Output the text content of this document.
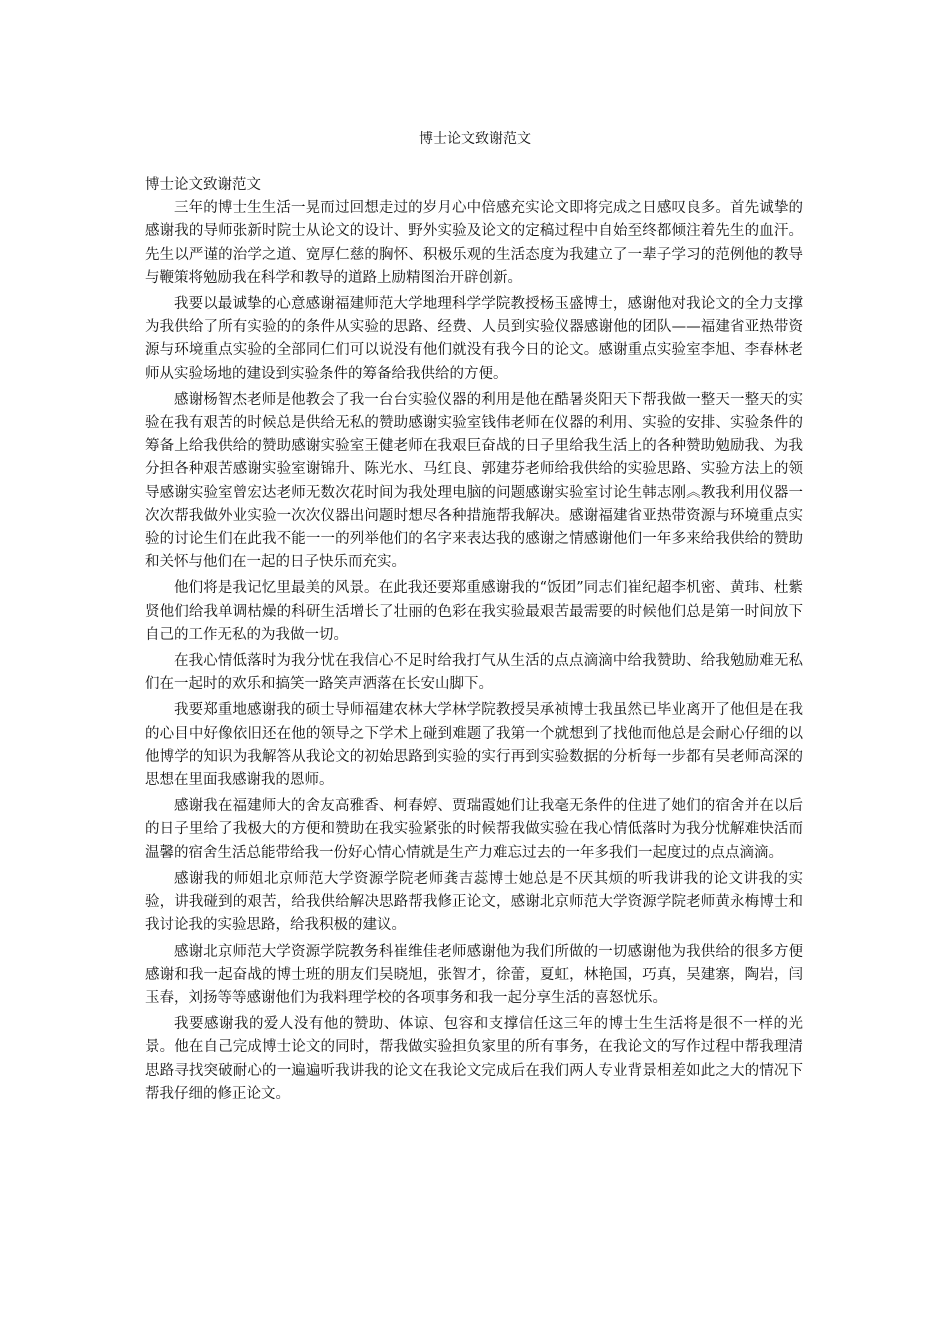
博士论文致谢范文

博士论文致谢范文

三年的博士生生活一晃而过回想走过的岁月心中倍感充实论文即将完成之日感叹良多。首先诚挚的感谢我的导师张新时院士从论文的设计、野外实验及论文的定稿过程中自始至终都倾注着先生的血汗。先生以严谨的治学之道、宽厚仁慈的胸怀、积极乐观的生活态度为我建立了一辈子学习的范例他的教导与鞭策将勉励我在科学和教导的道路上励精图治开辟创新。

我要以最诚挚的心意感谢福建师范大学地理科学学院教授杨玉盛博士，感谢他对我论文的全力支撑为我供给了所有实验的的条件从实验的思路、经费、人员到实验仪器感谢他的团队——福建省亚热带资源与环境重点实验的全部同仁们可以说没有他们就没有我今日的论文。感谢重点实验室李旭、李春林老师从实验场地的建设到实验条件的筹备给我供给的方便。

感谢杨智杰老师是他教会了我一台台实验仪器的利用是他在酷暑炎阳天下帮我做一整天一整天的实验在我有艰苦的时候总是供给无私的赞助感谢实验室钱伟老师在仪器的利用、实验的安排、实验条件的筹备上给我供给的赞助感谢实验室王健老师在我艰巨奋战的日子里给我生活上的各种赞助勉励我、为我分担各种艰苦感谢实验室谢锦升、陈光水、马红良、郭建芬老师给我供给的实验思路、实验方法上的领导感谢实验室曾宏达老师无数次花时间为我处理电脑的问题感谢实验室讨论生韩志刚︽教我利用仪器一次次帮我做外业实验一次次仪器出问题时想尽各种措施帮我解决。感谢福建省亚热带资源与环境重点实验的讨论生们在此我不能一一的列举他们的名字来表达我的感谢之情感谢他们一年多来给我供给的赞助和关怀与他们在一起的日子快乐而充实。

他们将是我记忆里最美的风景。在此我还要郑重感谢我的“饭团”同志们崔纪超李机密、黄玮、杜紫贤他们给我单调枯燥的科研生活增长了壮丽的色彩在我实验最艰苦最需要的时候他们总是第一时间放下自己的工作无私的为我做一切。

在我心情低落时为我分忧在我信心不足时给我打气从生活的点点滴滴中给我赞助、给我勉励难无私们在一起时的欢乐和搞笑一路笑声洒落在长安山脚下。

我要郑重地感谢我的硕士导师福建农林大学林学院教授吴承祯博士我虽然已毕业离开了他但是在我的心目中好像依旧还在他的领导之下学术上碰到难题了我第一个就想到了找他而他总是会耐心仔细的以他博学的知识为我解答从我论文的初始思路到实验的实行再到实验数据的分析每一步都有吴老师高深的思想在里面我感谢我的恩师。

感谢我在福建师大的舍友高雅香、柯春婷、贾瑞霞她们让我毫无条件的住进了她们的宿舍并在以后的日子里给了我极大的方便和赞助在我实验紧张的时候帮我做实验在我心情低落时为我分忧解难快活而温馨的宿舍生活总能带给我一份好心情心情就是生产力难忘过去的一年多我们一起度过的点点滴滴。

感谢我的师姐北京师范大学资源学院老师龚吉蕊博士她总是不厌其烦的听我讲我的论文讲我的实验，讲我碰到的艰苦，给我供给解决思路帮我修正论文，感谢北京师范大学资源学院老师黄永梅博士和我讨论我的实验思路，给我积极的建议。

感谢北京师范大学资源学院教务科崔维佳老师感谢他为我们所做的一切感谢他为我供给的很多方便感谢和我一起奋战的博士班的朋友们吴晓旭，张智才，徐蕾，夏虹，林艳国，巧真，吴建寨，陶岩，闫玉春，刘扬等等感谢他们为我料理学校的各项事务和我一起分享生活的喜怒忧乐。

我要感谢我的爱人没有他的赞助、体谅、包容和支撑信任这三年的博士生生活将是很不一样的光景。他在自己完成博士论文的同时，帮我做实验担负家里的所有事务，在我论文的写作过程中帮我理清思路寻找突破耐心的一遍遍听我讲我的论文在我论文完成后在我们两人专业背景相差如此之大的情况下帮我仔细的修正论文。
